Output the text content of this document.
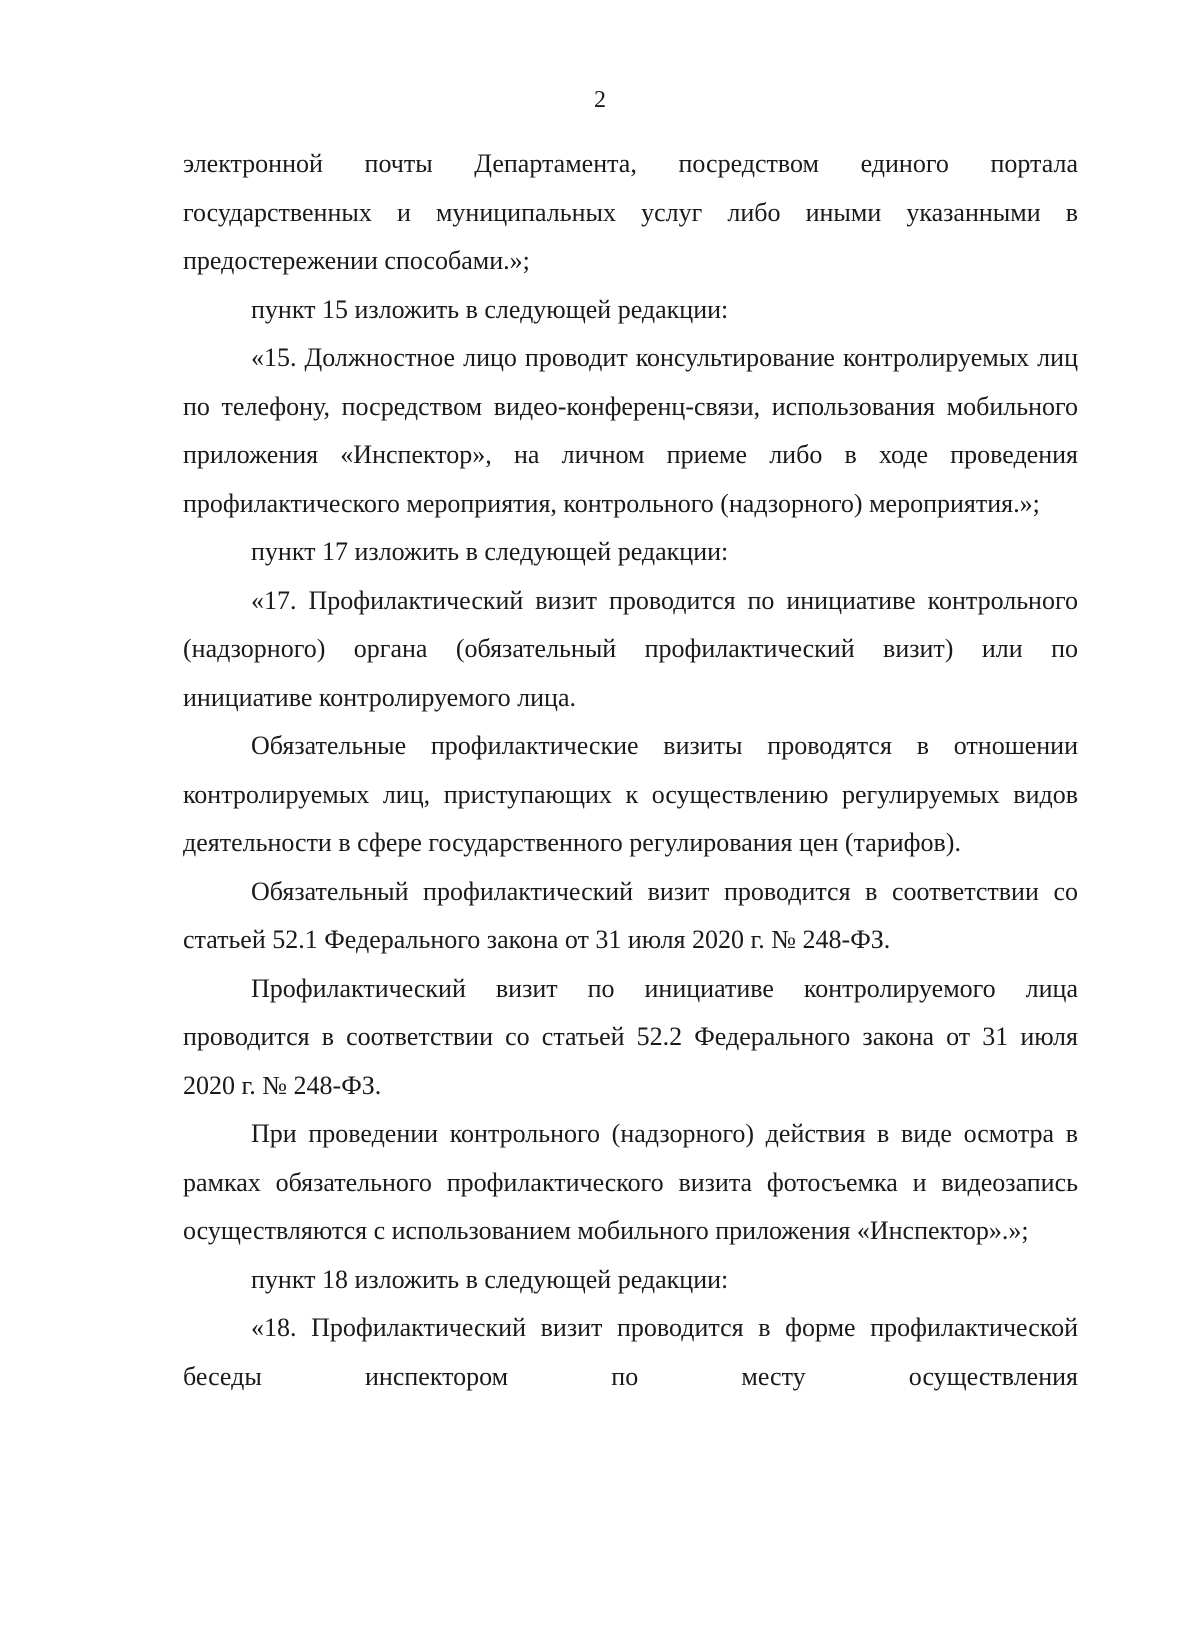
2

электронной почты Департамента, посредством единого портала государственных и муниципальных услуг либо иными указанными в предостережении способами.»;

пункт 15 изложить в следующей редакции:

«15. Должностное лицо проводит консультирование контролируемых лиц по телефону, посредством видео-конференц-связи, использования мобильного приложения «Инспектор», на личном приеме либо в ходе проведения профилактического мероприятия, контрольного (надзорного) мероприятия.»;

пункт 17 изложить в следующей редакции:

«17. Профилактический визит проводится по инициативе контрольного (надзорного) органа (обязательный профилактический визит) или по инициативе контролируемого лица.

Обязательные профилактические визиты проводятся в отношении контролируемых лиц, приступающих к осуществлению регулируемых видов деятельности в сфере государственного регулирования цен (тарифов).

Обязательный профилактический визит проводится в соответствии со статьей 52.1 Федерального закона от 31 июля 2020 г. № 248-ФЗ.

Профилактический визит по инициативе контролируемого лица проводится в соответствии со статьей 52.2 Федерального закона от 31 июля 2020 г. № 248-ФЗ.

При проведении контрольного (надзорного) действия в виде осмотра в рамках обязательного профилактического визита фотосъемка и видеозапись осуществляются с использованием мобильного приложения «Инспектор».»;

пункт 18 изложить в следующей редакции:

«18. Профилактический визит проводится в форме профилактической беседы инспектором по месту осуществления
